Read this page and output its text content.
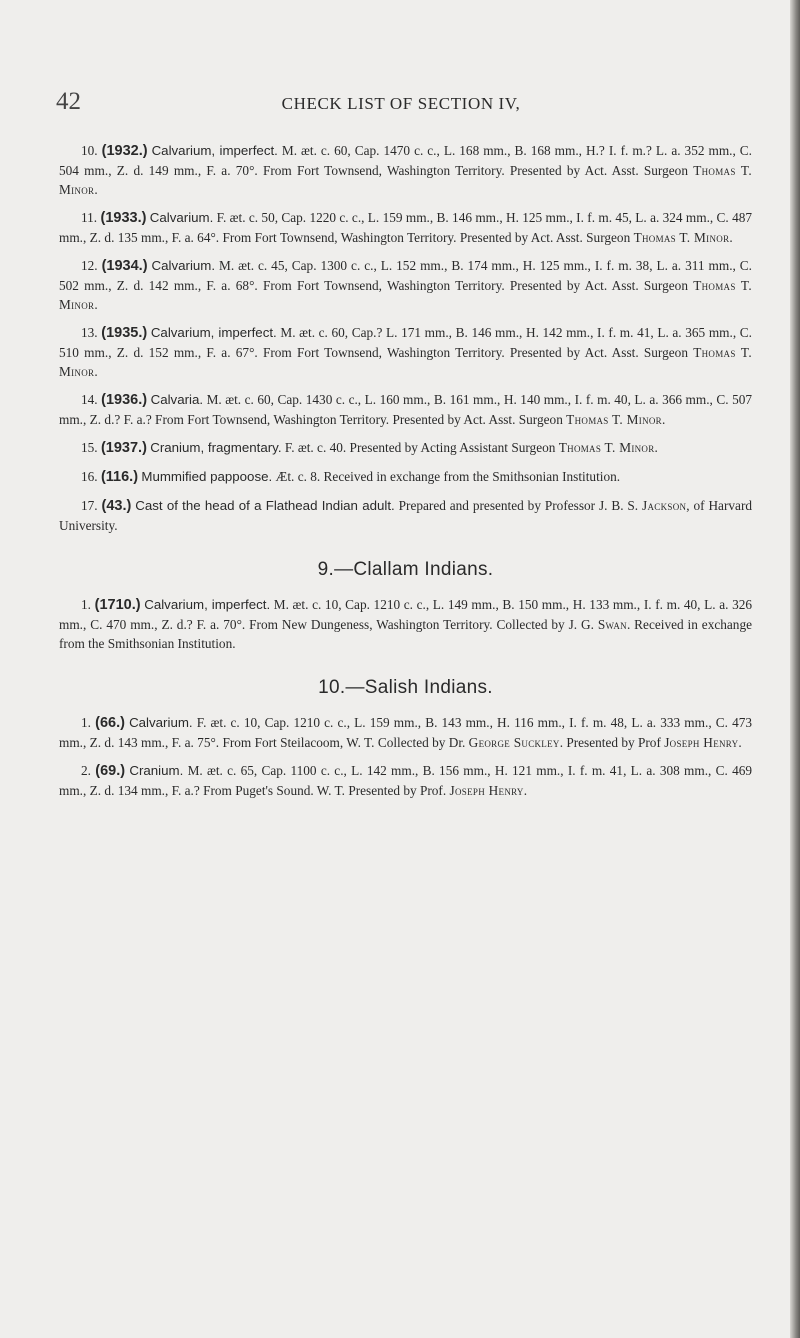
42	CHECK LIST OF SECTION IV,

10. (1932.) Calvarium, imperfect. M. æt. c. 60, Cap. 1470 c. c., L. 168 mm., B. 168 mm., H.? I. f. m.? L. a. 352 mm., C. 504 mm., Z. d. 149 mm., F. a. 70°. From Fort Townsend, Washington Territory. Presented by Act. Asst. Surgeon Thomas T. Minor.

11. (1933.) Calvarium. F. æt. c. 50, Cap. 1220 c. c., L. 159 mm., B. 146 mm., H. 125 mm., I. f. m. 45, L. a. 324 mm., C. 487 mm., Z. d. 135 mm., F. a. 64°. From Fort Townsend, Washington Territory. Presented by Act. Asst. Surgeon Thomas T. Minor.

12. (1934.) Calvarium. M. æt. c. 45, Cap. 1300 c. c., L. 152 mm., B. 174 mm., H. 125 mm., I. f. m. 38, L. a. 311 mm., C. 502 mm., Z. d. 142 mm., F. a. 68°. From Fort Townsend, Washington Territory. Presented by Act. Asst. Surgeon Thomas T. Minor.

13. (1935.) Calvarium, imperfect. M. æt. c. 60, Cap.? L. 171 mm., B. 146 mm., H. 142 mm., I. f. m. 41, L. a. 365 mm., C. 510 mm., Z. d. 152 mm., F. a. 67°. From Fort Townsend, Washington Territory. Presented by Act. Asst. Surgeon Thomas T. Minor.

14. (1936.) Calvaria. M. æt. c. 60, Cap. 1430 c. c., L. 160 mm., B. 161 mm., H. 140 mm., I. f. m. 40, L. a. 366 mm., C. 507 mm., Z. d.? F. a.? From Fort Townsend, Washington Territory. Presented by Act. Asst. Surgeon Thomas T. Minor.

15. (1937.) Cranium, fragmentary. F. æt. c. 40. Presented by Acting Assistant Surgeon Thomas T. Minor.

16. (116.) Mummified pappoose. Æt. c. 8. Received in exchange from the Smithsonian Institution.

17. (43.) Cast of the head of a Flathead Indian adult. Prepared and presented by Professor J. B. S. Jackson, of Harvard University.

9.—Clallam Indians.

1. (1710.) Calvarium, imperfect. M. æt. c. 10, Cap. 1210 c. c., L. 149 mm., B. 150 mm., H. 133 mm., I. f. m. 40, L. a. 326 mm., C. 470 mm., Z. d.? F. a. 70°. From New Dungeness, Washington Territory. Collected by J. G. Swan. Received in exchange from the Smithsonian Institution.

10.—Salish Indians.

1. (66.) Calvarium. F. æt. c. 10, Cap. 1210 c. c., L. 159 mm., B. 143 mm., H. 116 mm., I. f. m. 48, L. a. 333 mm., C. 473 mm., Z. d. 143 mm., F. a. 75°. From Fort Steilacoom, W. T. Collected by Dr. George Suckley. Presented by Prof Joseph Henry.

2. (69.) Cranium. M. æt. c. 65, Cap. 1100 c. c., L. 142 mm., B. 156 mm., H. 121 mm., I. f. m. 41, L. a. 308 mm., C. 469 mm., Z. d. 134 mm., F. a.? From Puget's Sound. W. T. Presented by Prof. Joseph Henry.
